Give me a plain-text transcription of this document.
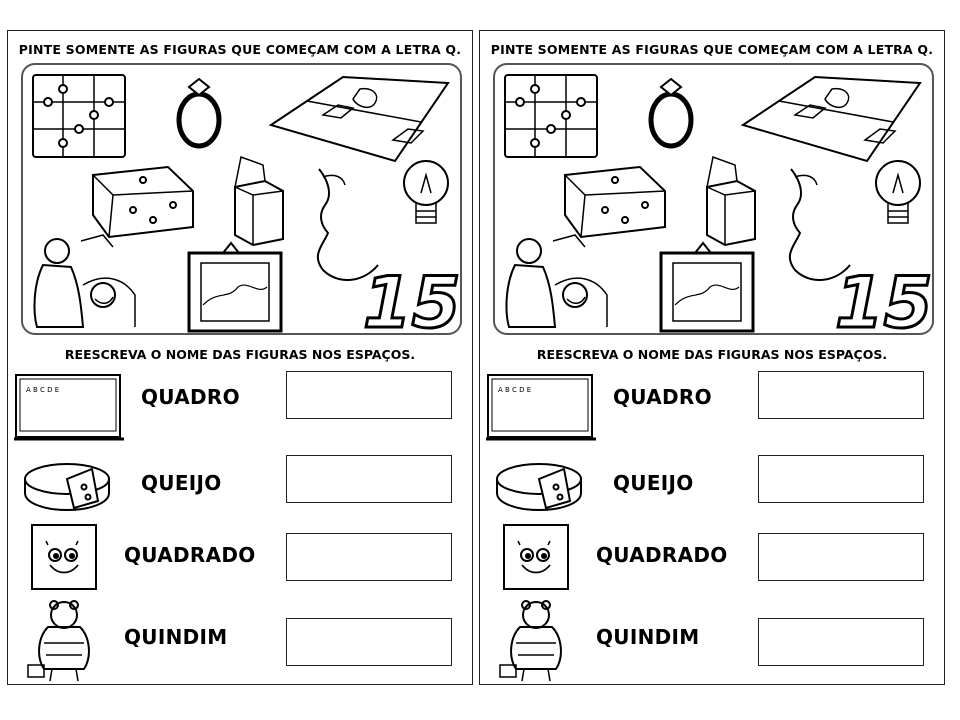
PINTE SOMENTE AS FIGURAS QUE COMEÇAM COM A LETRA Q.
15
REESCREVA O NOME DAS FIGURAS NOS ESPAÇOS.
A B C D E	QUADRO
QUEIJO
QUADRADO
QUINDIM
PINTE SOMENTE AS FIGURAS QUE COMEÇAM COM A LETRA Q.
15
REESCREVA O NOME DAS FIGURAS NOS ESPAÇOS.
A B C D E	QUADRO
QUEIJO
QUADRADO
QUINDIM
